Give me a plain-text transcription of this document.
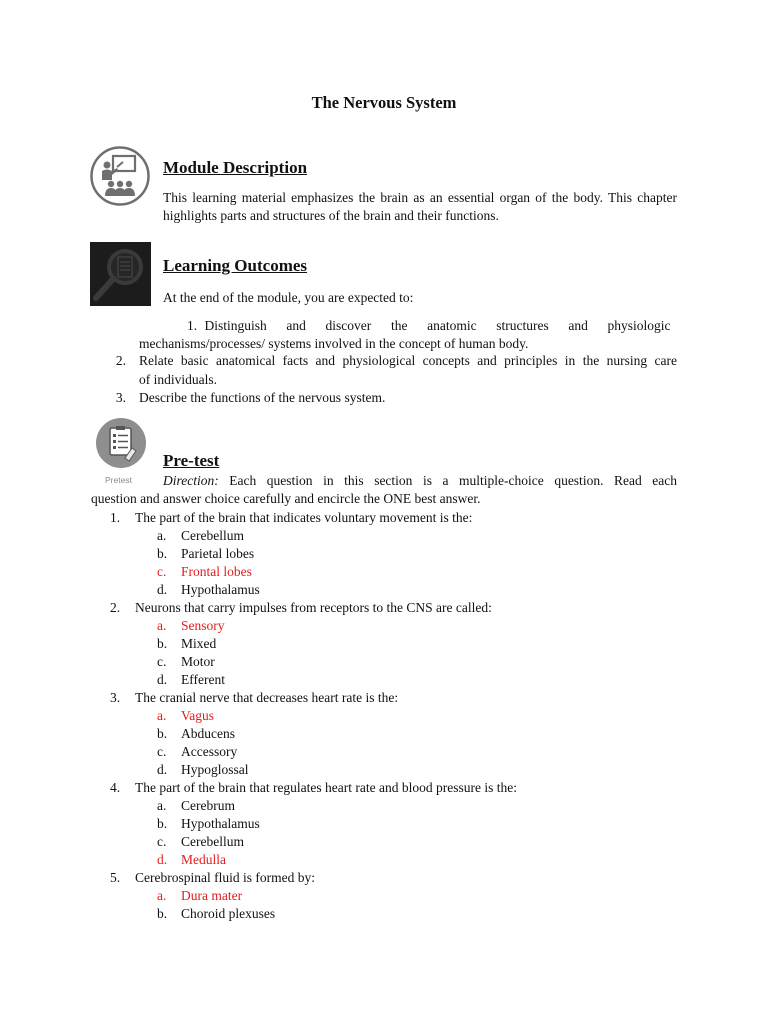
The Nervous System
Module Description
This learning material emphasizes the brain as an essential organ of the body. This chapter highlights parts and structures of the brain and their functions.
Learning Outcomes
At the end of the module, you are expected to:
1. Distinguish and discover the anatomic structures and physiologic
mechanisms/processes/ systems involved in the concept of human body.
2. Relate basic anatomical facts and physiological concepts and principles in the nursing care
of individuals.
3. Describe the functions of the nervous system.
Pretest
Pre-test
Direction: Each question in this section is a multiple-choice question. Read each
question and answer choice carefully and encircle the ONE best answer.
1. The part of the brain that indicates voluntary movement is the:
a. Cerebellum
b. Parietal lobes
c. Frontal lobes
d. Hypothalamus
2. Neurons that carry impulses from receptors to the CNS are called:
a. Sensory
b. Mixed
c. Motor
d. Efferent
3. The cranial nerve that decreases heart rate is the:
a. Vagus
b. Abducens
c. Accessory
d. Hypoglossal
4. The part of the brain that regulates heart rate and blood pressure is the:
a. Cerebrum
b. Hypothalamus
c. Cerebellum
d. Medulla
5. Cerebrospinal fluid is formed by:
a. Dura mater
b. Choroid plexuses
